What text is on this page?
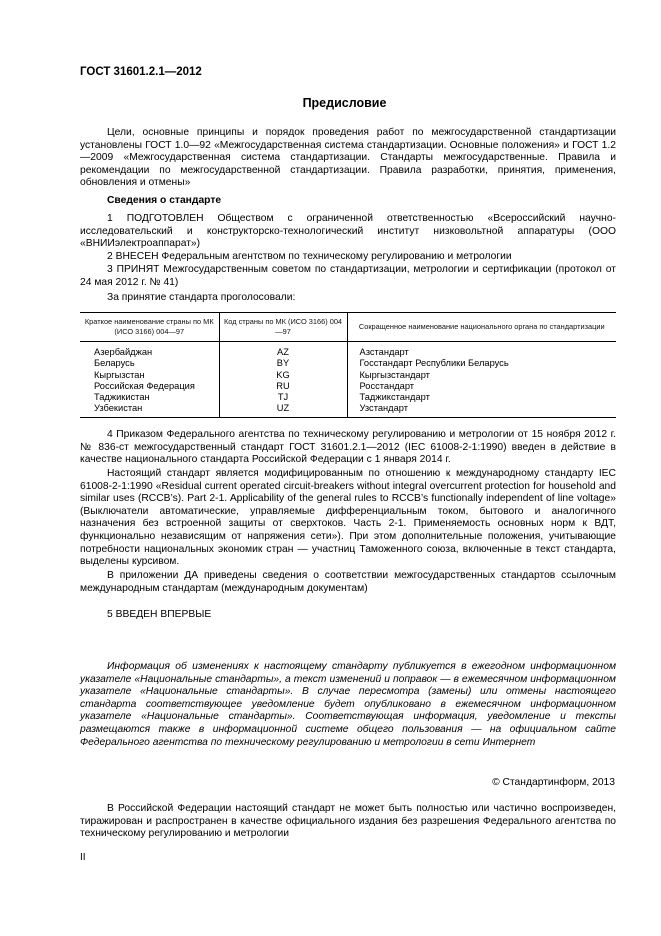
ГОСТ 31601.2.1—2012
Предисловие
Цели, основные принципы и порядок проведения работ по межгосударственной стандартизации установлены ГОСТ 1.0—92 «Межгосударственная система стандартизации. Основные положения» и ГОСТ 1.2—2009 «Межгосударственная система стандартизации. Стандарты межгосударственные. Правила и рекомендации по межгосударственной стандартизации. Правила разработки, принятия, применения, обновления и отмены»
Сведения о стандарте
1 ПОДГОТОВЛЕН Обществом с ограниченной ответственностью «Всероссийский научно-исследовательский и конструкторско-технологический институт низковольтной аппаратуры (ООО «ВНИИэлектроаппарат»)
2 ВНЕСЕН Федеральным агентством по техническому регулированию и метрологии
3 ПРИНЯТ Межгосударственным советом по стандартизации, метрологии и сертификации (протокол от 24 мая 2012 г. № 41)
За принятие стандарта проголосовали:
Краткое наименование страны по МК (ИСО 3166) 004—97	Код страны по МК (ИСО 3166) 004—97	Сокращенное наименование национального органа по стандартизации
Азербайджан	AZ	Азстандарт
Беларусь	BY	Госстандарт Республики Беларусь
Кыргызстан	KG	Кыргызстандарт
Российская Федерация	RU	Росстандарт
Таджикистан	TJ	Таджикстандарт
Узбекистан	UZ	Узстандарт
4 Приказом Федерального агентства по техническому регулированию и метрологии от 15 ноября 2012 г. № 836-ст межгосударственный стандарт ГОСТ 31601.2.1—2012 (IEC 61008-2-1:1990) введен в действие в качестве национального стандарта Российской Федерации с 1 января 2014 г.
Настоящий стандарт является модифицированным по отношению к международному стандарту IEC 61008-2-1:1990 «Residual current operated circuit-breakers without integral overcurrent protection for household and similar uses (RCCB’s). Part 2-1. Applicability of the general rules to RCCB’s functionally independent of line voltage» (Выключатели автоматические, управляемые дифференциальным током, бытового и аналогичного назначения без встроенной защиты от сверхтоков. Часть 2-1. Применяемость основных норм к ВДТ, функционально независящим от напряжения сети»). При этом дополнительные положения, учитывающие потребности национальных экономик стран — участниц Таможенного союза, включенные в текст стандарта, выделены курсивом.
В приложении ДА приведены сведения о соответствии межгосударственных стандартов ссылочным международным стандартам (международным документам)
5 ВВЕДЕН ВПЕРВЫЕ
Информация об изменениях к настоящему стандарту публикуется в ежегодном информационном указателе «Национальные стандарты», а текст изменений и поправок — в ежемесячном информационном указателе «Национальные стандарты». В случае пересмотра (замены) или отмены настоящего стандарта соответствующее уведомление будет опубликовано в ежемесячном информационном указателе «Национальные стандарты». Соответствующая информация, уведомление и тексты размещаются также в информационной системе общего пользования — на официальном сайте Федерального агентства по техническому регулированию и метрологии в сети Интернет
© Стандартинформ, 2013
В Российской Федерации настоящий стандарт не может быть полностью или частично воспроизведен, тиражирован и распространен в качестве официального издания без разрешения Федерального агентства по техническому регулированию и метрологии
II
